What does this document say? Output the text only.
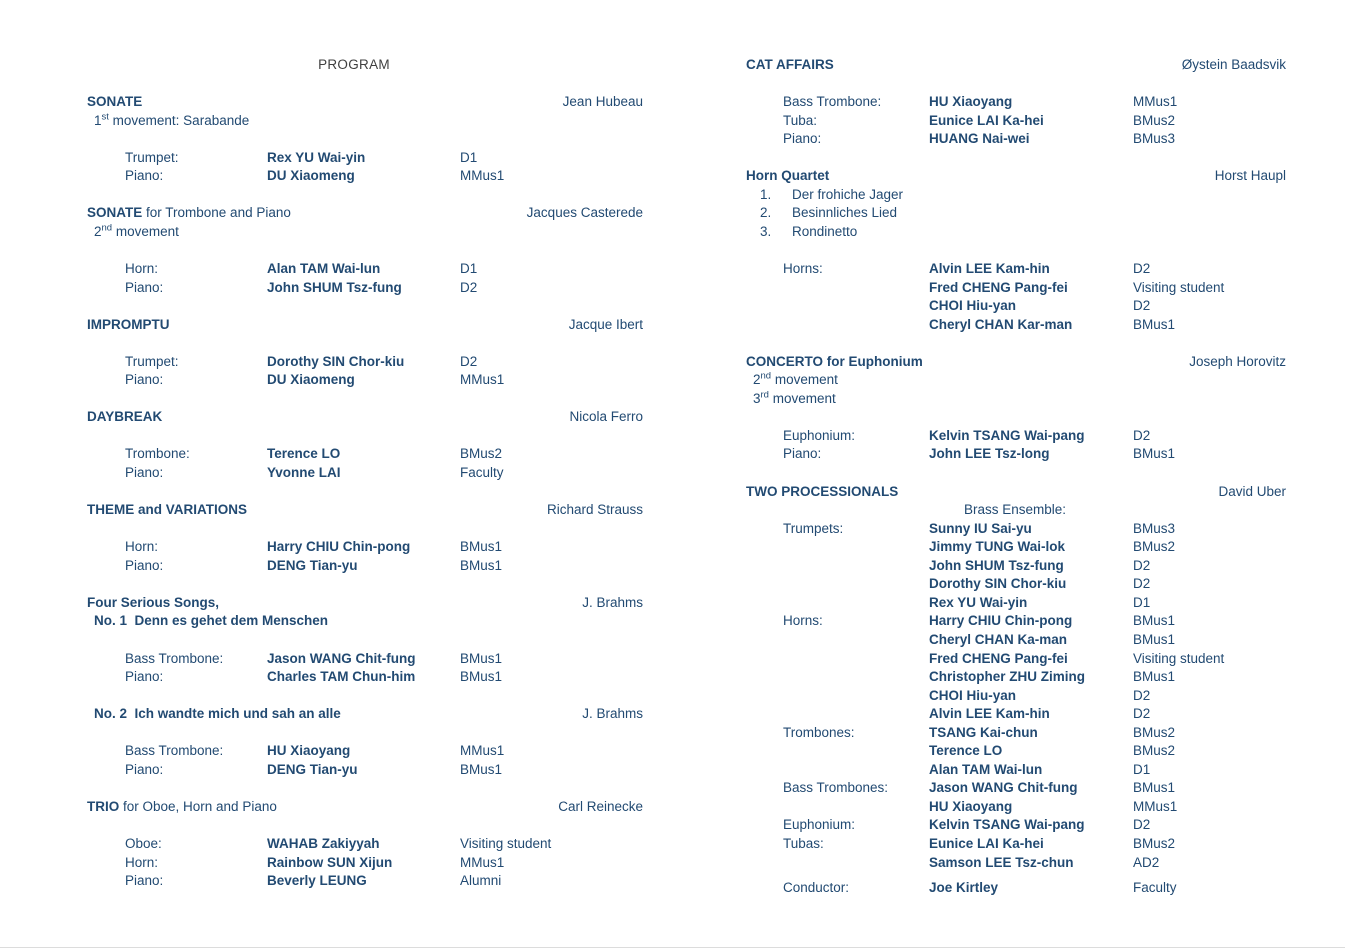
PROGRAM
SONATE	Jean Hubeau
1st movement: Sarabande
Trumpet:	Rex YU Wai-yin	D1
Piano:	DU Xiaomeng	MMus1
SONATE for Trombone and Piano	Jacques Casterede
2nd movement
Horn:	Alan TAM Wai-lun	D1
Piano:	John SHUM Tsz-fung	D2
IMPROMPTU	Jacque Ibert
Trumpet:	Dorothy SIN Chor-kiu	D2
Piano:	DU Xiaomeng	MMus1
DAYBREAK	Nicola Ferro
Trombone:	Terence LO	BMus2
Piano:	Yvonne LAI	Faculty
THEME and VARIATIONS	Richard Strauss
Horn:	Harry CHIU Chin-pong	BMus1
Piano:	DENG Tian-yu	BMus1
Four Serious Songs,	J. Brahms
No. 1  Denn es gehet dem Menschen
Bass Trombone:	Jason WANG Chit-fung	BMus1
Piano:	Charles TAM Chun-him	BMus1
No. 2  Ich wandte mich und sah an alle	J. Brahms
Bass Trombone:	HU Xiaoyang	MMus1
Piano:	DENG Tian-yu	BMus1
TRIO for Oboe, Horn and Piano	Carl Reinecke
Oboe:	WAHAB Zakiyyah	Visiting student
Horn:	Rainbow SUN Xijun	MMus1
Piano:	Beverly LEUNG	Alumni
CAT AFFAIRS	Øystein Baadsvik
Bass Trombone:	HU Xiaoyang	MMus1
Tuba:	Eunice LAI Ka-hei	BMus2
Piano:	HUANG Nai-wei	BMus3
Horn Quartet	Horst Haupl
1. Der frohiche Jager
2. Besinnliches Lied
3. Rondinetto
Horns:	Alvin LEE Kam-hin	D2
Fred CHENG Pang-fei	Visiting student
CHOI Hiu-yan	D2
Cheryl CHAN Kar-man	BMus1
CONCERTO for Euphonium	Joseph Horovitz
2nd movement
3rd movement
Euphonium:	Kelvin TSANG Wai-pang	D2
Piano:	John LEE Tsz-long	BMus1
TWO PROCESSIONALS	David Uber
Brass Ensemble:
Trumpets:	Sunny IU Sai-yu	BMus3
Jimmy TUNG Wai-lok	BMus2
John SHUM Tsz-fung	D2
Dorothy SIN Chor-kiu	D2
Rex YU Wai-yin	D1
Horns:	Harry CHIU Chin-pong	BMus1
Cheryl CHAN Ka-man	BMus1
Fred CHENG Pang-fei	Visiting student
Christopher ZHU Ziming	BMus1
CHOI Hiu-yan	D2
Alvin LEE Kam-hin	D2
Trombones:	TSANG Kai-chun	BMus2
Terence LO	BMus2
Alan TAM Wai-lun	D1
Bass Trombones:	Jason WANG Chit-fung	BMus1
HU Xiaoyang	MMus1
Euphonium:	Kelvin TSANG Wai-pang	D2
Tubas:	Eunice LAI Ka-hei	BMus2
Samson LEE Tsz-chun	AD2
Conductor:	Joe Kirtley	Faculty
